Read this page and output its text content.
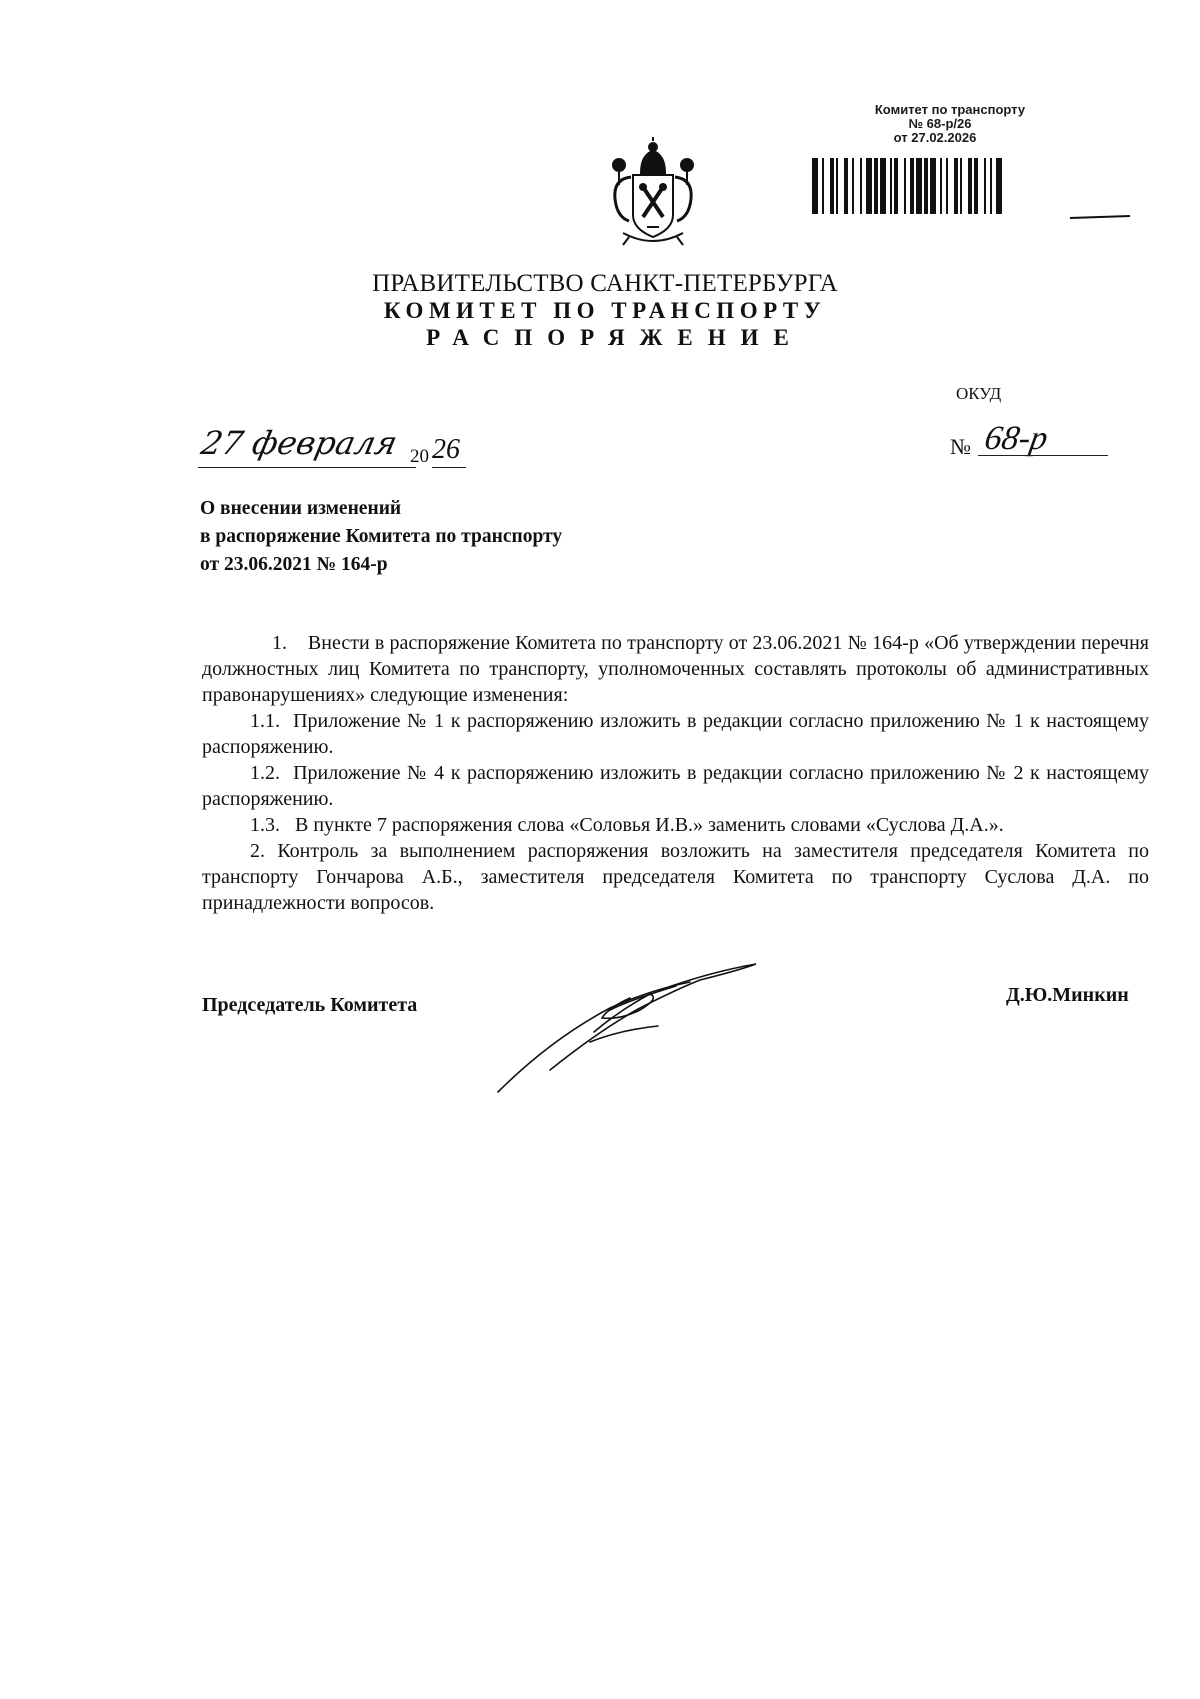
Комитет по транспорту
№ 68-р/26
от 27.02.2026
ПРАВИТЕЛЬСТВО САНКТ-ПЕТЕРБУРГА
КОМИТЕТ ПО ТРАНСПОРТУ
РАСПОРЯЖЕНИЕ
ОКУД
27 февраля 20 26	№ 68-р
О внесении изменений
в распоряжение Комитета по транспорту
от 23.06.2021 № 164-р

1.    Внести в распоряжение Комитета по транспорту от 23.06.2021 № 164-р «Об утверждении перечня должностных лиц Комитета по транспорту, уполномоченных составлять протоколы об административных правонарушениях» следующие изменения:

1.1.  Приложение № 1 к распоряжению изложить в редакции согласно приложению № 1 к настоящему распоряжению.

1.2.  Приложение № 4 к распоряжению изложить в редакции согласно приложению № 2 к настоящему распоряжению.

1.3.   В пункте 7 распоряжения слова «Соловья И.В.» заменить словами «Суслова Д.А.».

2. Контроль за выполнением распоряжения возложить на заместителя председателя Комитета по транспорту Гончарова А.Б., заместителя председателя Комитета по транспорту Суслова Д.А. по принадлежности вопросов.

Председатель Комитета	Д.Ю.Минкин
